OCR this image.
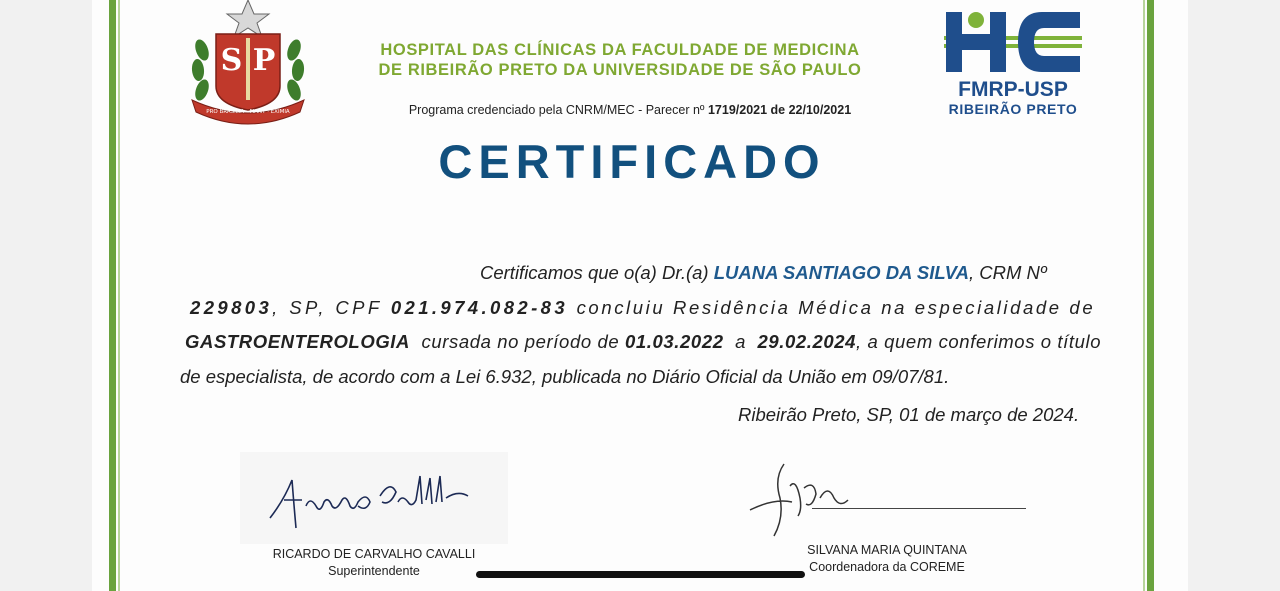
S P
PRO BRASILIA · FIANT · EXIMIA
HOSPITAL DAS CLÍNICAS DA FACULDADE DE MEDICINA
DE RIBEIRÃO PRETO DA UNIVERSIDADE DE SÃO PAULO
Programa credenciado pela CNRM/MEC - Parecer nº 1719/2021 de 22/10/2021
FMRP-USP
RIBEIRÃO PRETO
CERTIFICADO
Certificamos que o(a) Dr.(a) LUANA SANTIAGO DA SILVA, CRM Nº
229803, SP, CPF 021.974.082-83 concluiu Residência Médica na especialidade de
GASTROENTEROLOGIA cursada no período de 01.03.2022 a 29.02.2024, a quem conferimos o título
de especialista, de acordo com a Lei 6.932, publicada no Diário Oficial da União em 09/07/81.
Ribeirão Preto, SP, 01 de março de 2024.
RICARDO DE CARVALHO CAVALLI
Superintendente
SILVANA MARIA QUINTANA
Coordenadora da COREME
